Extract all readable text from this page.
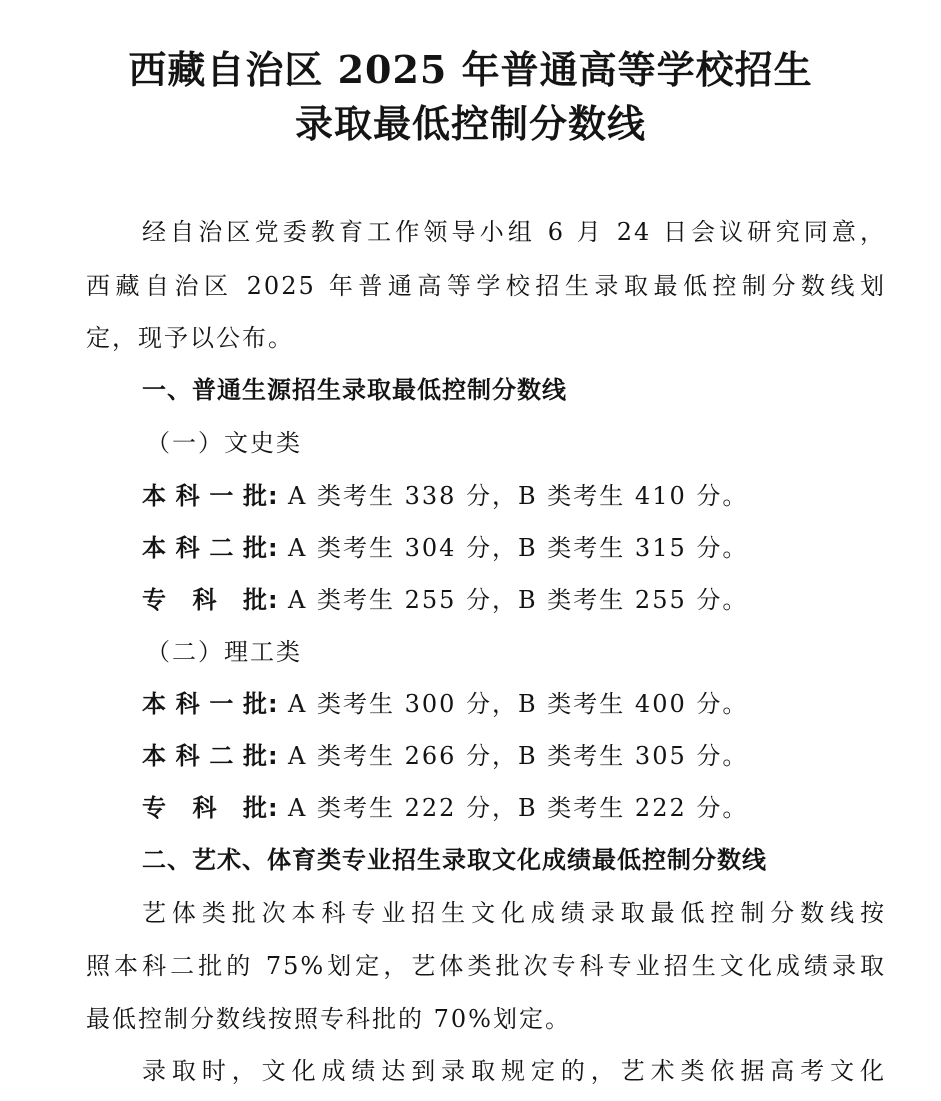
西藏自治区 2025 年普通高等学校招生
录取最低控制分数线
经自治区党委教育工作领导小组 6 月 24 日会议研究同意，
西藏自治区 2025 年普通高等学校招生录取最低控制分数线划
定，现予以公布。
一、普通生源招生录取最低控制分数线
（一）文史类
本科一批: A 类考生 338 分，B 类考生 410 分。
本科二批: A 类考生 304 分，B 类考生 315 分。
专科批: A 类考生 255 分，B 类考生 255 分。
（二）理工类
本科一批: A 类考生 300 分，B 类考生 400 分。
本科二批: A 类考生 266 分，B 类考生 305 分。
专科批: A 类考生 222 分，B 类考生 222 分。
二、艺术、体育类专业招生录取文化成绩最低控制分数线
艺体类批次本科专业招生文化成绩录取最低控制分数线按
照本科二批的 75%划定，艺体类批次专科专业招生文化成绩录取
最低控制分数线按照专科批的 70%划定。
录取时，文化成绩达到录取规定的，艺术类依据高考文化
